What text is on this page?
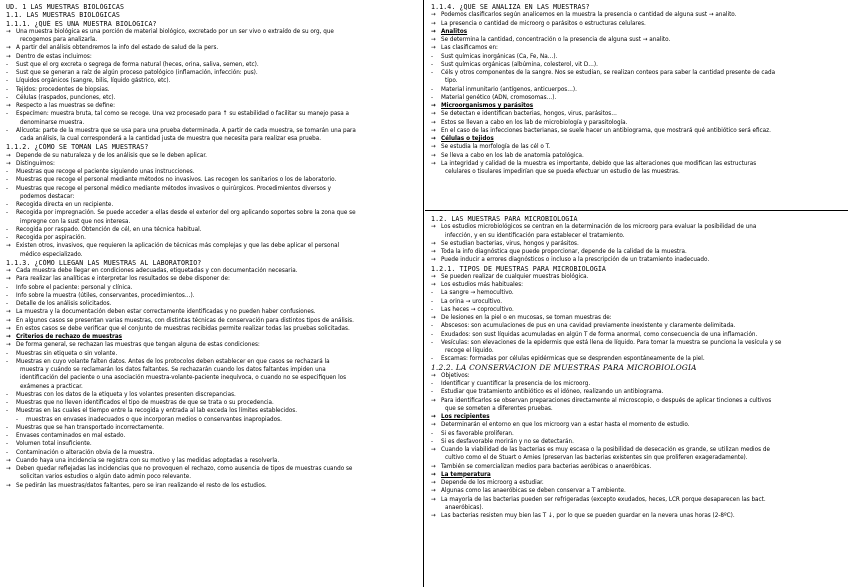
UD. 1 LAS MUESTRAS BIOLÓGICAS
1.1. LAS MUESTRAS BIOLÓGICAS
1.1.1. ¿QUÉ ES UNA MUESTRA BIOLÓGICA?
→ Una muestra biológica es una porción de material biológico, excretado por un ser vivo o extraído de su org, que
recogemos para analizarla.
→ A partir del análisis obtendremos la info del estado de salud de la pers.
→ Dentro de estas incluimos:
- Sust que el org excreta o segrega de forma natural (heces, orina, saliva, semen, etc).
- Sust que se generan a raíz de algún proceso patológico (inflamación, infección: pus).
- Líquidos orgánicos (sangre, bilis, líquido gástrico, etc).
- Tejidos: procedentes de biopsias.
- Células (raspados, punciones, etc).
→ Respecto a las muestras se define:
- Especímen: muestra bruta, tal como se recoge. Una vez procesado para ↑ su estabilidad o facilitar su manejo pasa a
denominarse muestra.
- Alícuota: parte de la muestra que se usa para una prueba determinada. A partir de cada muestra, se tomarán una para
cada análisis, la cual corresponderá a la cantidad justa de muestra que necesita para realizar esa prueba.
1.1.2. ¿CÓMO SE TOMAN LAS MUESTRAS?
→ Depende de su naturaleza y de los análisis que se le deben aplicar.
→ Distinguimos:
- Muestras que recoge el paciente siguiendo unas instrucciones.
- Muestras que recoge el personal mediante métodos no invasivos. Las recogen los sanitarios o los de laboratorio.
- Muestras que recoge el personal médico mediante métodos invasivos o quirúrgicos. Procedimientos diversos y
podemos destacar:
- Recogida directa en un recipiente.
- Recogida por impregnación. Se puede acceder a ellas desde el exterior del org aplicando soportes sobre la zona que se
impregne con la sust que nos interesa.
- Recogida por raspado. Obtención de cél, en una técnica habitual.
- Recogida por aspiración.
→ Existen otros, invasivos, que requieren la aplicación de técnicas más complejas y que las debe aplicar el personal
médico especializado.
1.1.3. ¿CÓMO LLEGAN LAS MUESTRAS AL LABORATORIO?
→ Cada muestra debe llegar en condiciones adecuadas, etiquetadas y con documentación necesaria.
→ Para realizar las analíticas e interpretar los resultados se debe disponer de:
- Info sobre el paciente: personal y clínica.
- Info sobre la muestra (útiles, conservantes, procedimientos…).
- Detalle de los análisis solicitados.
→ La muestra y la documentación deben estar correctamente identificadas y no pueden haber confusiones.
→ En algunos casos se presentan varias muestras, con distintas técnicas de conservación para distintos tipos de análisis.
→ En estos casos se debe verificar que el conjunto de muestras recibidas permite realizar todas las pruebas solicitadas.
→ Criterios de rechazo de muestras
→ De forma general, se rechazan las muestras que tengan alguna de estas condiciones:
- Muestras sin etiqueta o sin volante.
- Muestras en cuyo volante falten datos. Antes de los protocolos deben establecer en que casos se rechazará la
muestra y cuándo se reclamarán los datos faltantes. Se rechazarán cuando los datos faltantes impiden una
identificación del paciente o una asociación muestra-volante-paciente inequívoca, o cuando no se especifiquen los
exámenes a practicar.
- Muestras con los datos de la etiqueta y los volantes presenten discrepancias.
- Muestras que no lleven identificados el tipo de muestras de que se trata o su procedencia.
- Muestras en las cuales el tiempo entre la recogida y entrada al lab exceda los límites establecidos.
- muestras en envases inadecuados o que incorporan medios o conservantes inapropiados.
- Muestras que se han transportado incorrectamente.
- Envases contaminados en mal estado.
- Volumen total insuficiente.
- Contaminación o alteración obvia de la muestra.
→ Cuando haya una incidencia se registra con su motivo y las medidas adoptadas a resolverla.
→ Deben quedar reflejadas las incidencias que no provoquen el rechazo, como ausencia de tipos de muestras cuando se
solicitan varios estudios o algún dato admin poco relevante.
→ Se pedirán las muestras/datos faltantes, pero se iran realizando el resto de los estudios.
1.1.4. ¿QUÉ SE ANALIZA EN LAS MUESTRAS?
→ Podemos clasificarlos según analicemos en la muestra la presencia o cantidad de alguna sust → analito.
→ La presencia o cantidad de microorg o parásitos o estructuras celulares.
→ Analitos
→ Se determina la cantidad, concentración o la presencia de alguna sust → analito.
→ Las clasificamos en:
- Sust químicas inorgánicas (Ca, Fe, Na…).
- Sust químicas orgánicas (albúmina, colesterol, vit D…).
- Céls y otros componentes de la sangre. Nos se estudian, se realizan conteos para saber la cantidad presente de cada
tipo.
- Material inmunitario (antígenos, anticuerpos…).
- Material genético (ADN, cromosomas…).
→ Microorganismos y parásitos
→ Se detectan e identifican bacterias, hongos, virus, parásitos…
→ Estos se llevan a cabo en los lab de microbiología y parasitología.
→ En el caso de las infecciones bacterianas, se suele hacer un antibiograma, que mostrará qué antibiótico será eficaz.
→ Células o tejidos
→ Se estudia la morfología de las cél o T.
→ Se lleva a cabo en los lab de anatomía patológica.
→ La integridad y calidad de la muestra es importante, debido que las alteraciones que modifican las estructuras
celulares o tisulares impedirían que se pueda efectuar un estudio de las muestras.
1.2. LAS MUESTRAS PARA MICROBIOLOGÍA
→ Los estudios microbiológicos se centran en la determinación de los microorg para evaluar la posibilidad de una
infección, y en su identificación para establecer el tratamiento.
→ Se estudian bacterias, virus, hongos y parásitos.
→ Toda la info diagnóstica que puede proporcionar, depende de la calidad de la muestra.
→ Puede inducir a errores diagnósticos o incluso a la prescripción de un tratamiento inadecuado.
1.2.1. TIPOS DE MUESTRAS PARA MICROBIOLOGÍA
→ Se pueden realizar de cualquier muestras biológica.
→ Los estudios más habituales:
- La sangre → hemocultivo.
- La orina → urocultivo.
- Las heces → coprocultivo.
→ De lesiones en la piel o en mucosas, se toman muestras de:
- Abscesos: son acumulaciones de pus en una cavidad previamente inexistente y claramente delimitada.
- Exudados: son sust líquidas acumuladas en algún T de forma anormal, como consecuencia de una inflamación.
- Vesículas: son elevaciones de la epidermis que está llena de líquido. Para tomar la muestra se punciona la vesícula y se
recoge el líquido.
- Escamas: formadas por células epidérmicas que se desprenden espontáneamente de la piel.
1.2.2. LA CONSERVACIÓN DE MUESTRAS PARA MICROBIOLOGÍA
→ Objetivos:
- Identificar y cuantificar la presencia de los microorg.
- Estudiar que tratamiento antibiótico es el idóneo, realizando un antibiograma.
→ Para identificarlos se observan preparaciones directamente al microscopio, o después de aplicar tinciones a cultivos
que se someten a diferentes pruebas.
→ Los recipientes
→ Determinarán el entorno en que los microorg van a estar hasta el momento de estudio.
- Si es favorable proliferan.
- Si es desfavorable morirán y no se detectarán.
→ Cuando la viabilidad de las bacterias es muy escasa o la posibilidad de desecación es grande, se utilizan medios de
cultivo como el de Stuart o Amies (preservan las bacterias existentes sin que proliferen exageradamente).
→ También se comercializan medios para bacterias aeróbicas o anaeróbicas.
→ La temperatura
→ Depende de los microorg a estudiar.
→ Algunas como las anaeróbicas se deben conservar a T ambiente.
→ La mayoría de las bacterias pueden ser refrigeradas (excepto exudados, heces, LCR porque desaparecen las bact.
anaeróbicas).
→ Las bacterias resisten muy bien las T ↓, por lo que se pueden guardar en la nevera unas horas (2-8ºC).
